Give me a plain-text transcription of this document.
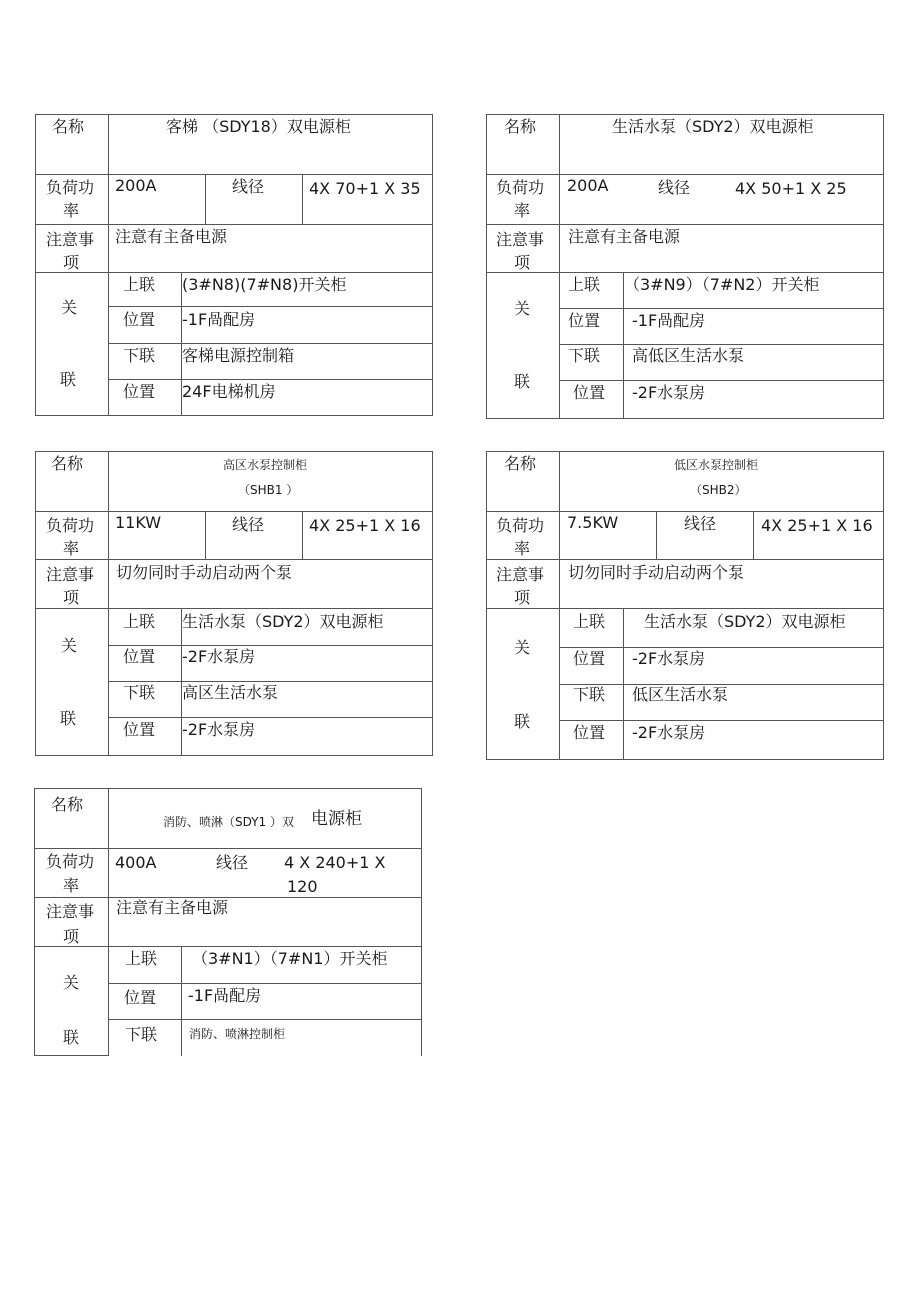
名称	客梯 （SDY18）双电源柜
负荷功
率
200A	线径	4X 70+1 X 35
注意事
项
注意有主备电源
关
联
上联 (3#N8)(7#N8)开关柜
位置 -1F咼配房
下联 客梯电源控制箱
位置 24F电梯机房
名称	生活水泵（SDY2）双电源柜
负荷功
率
200A	线径	4X 50+1 X 25
注意事
项
注意有主备电源
关
联
上联 （3#N9）（7#N2）开关柜
位置 -1F咼配房
下联 高低区生活水泵
位置 -2F水泵房
名称	高区水泵控制柜
（SHB1 ）
负荷功
率
11KW	线径	4X 25+1 X 16
注意事
项
切勿同时手动启动两个泵
关
联
上联 生活水泵（SDY2）双电源柜
位置 -2F水泵房
下联 高区生活水泵
位置 -2F水泵房
名称	低区水泵控制柜
（SHB2）
负荷功
率
7.5KW	线径	4X 25+1 X 16
注意事
项
切勿同时手动启动两个泵
关
联
上联 生活水泵（SDY2）双电源柜
位置 -2F水泵房
下联 低区生活水泵
位置 -2F水泵房
名称
消防、喷淋（SDY1 ）双 电源柜
负荷功
率
400A	线径 4 X 240+1 X
120
注意事
项
注意有主备电源
关
联
上联 （3#N1）（7#N1）开关柜
位置 -1F咼配房
下联	消防、喷淋控制柜
